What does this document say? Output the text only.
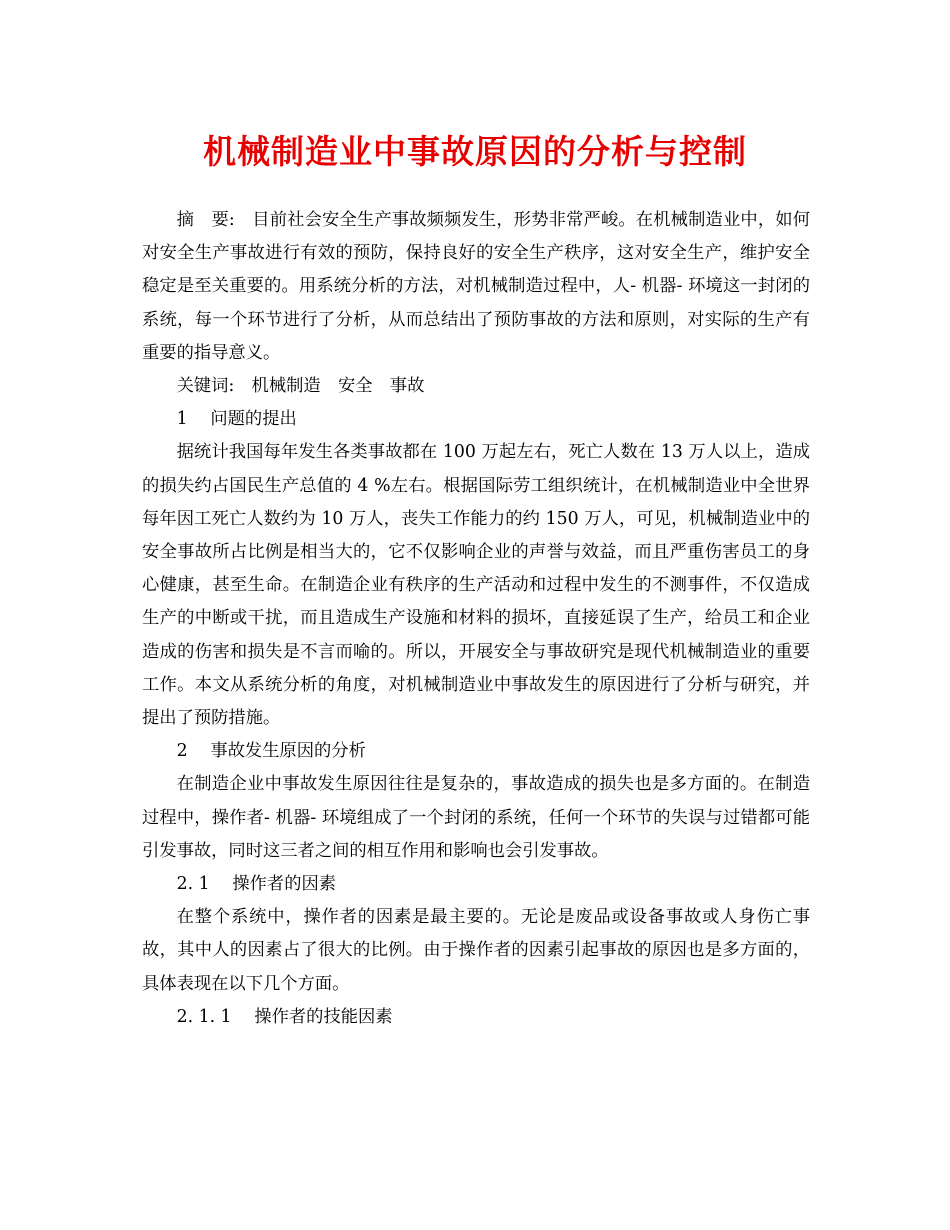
机械制造业中事故原因的分析与控制

摘　要:　目前社会安全生产事故频频发生，形势非常严峻。在机械制造业中，如何对安全生产事故进行有效的预防，保持良好的安全生产秩序，这对安全生产，维护安全稳定是至关重要的。用系统分析的方法，对机械制造过程中，人- 机器- 环境这一封闭的系统，每一个环节进行了分析，从而总结出了预防事故的方法和原则，对实际的生产有重要的指导意义。

关键词:　机械制造　安全　事故

1　 问题的提出

据统计我国每年发生各类事故都在 100 万起左右，死亡人数在 13 万人以上，造成的损失约占国民生产总值的 4 %左右。根据国际劳工组织统计，在机械制造业中全世界每年因工死亡人数约为 10 万人，丧失工作能力的约 150 万人，可见，机械制造业中的安全事故所占比例是相当大的，它不仅影响企业的声誉与效益，而且严重伤害员工的身心健康，甚至生命。在制造企业有秩序的生产活动和过程中发生的不测事件，不仅造成生产的中断或干扰，而且造成生产设施和材料的损坏，直接延误了生产，给员工和企业造成的伤害和损失是不言而喻的。所以，开展安全与事故研究是现代机械制造业的重要工作。本文从系统分析的角度，对机械制造业中事故发生的原因进行了分析与研究，并提出了预防措施。

2　 事故发生原因的分析

在制造企业中事故发生原因往往是复杂的，事故造成的损失也是多方面的。在制造过程中，操作者- 机器- 环境组成了一个封闭的系统，任何一个环节的失误与过错都可能引发事故，同时这三者之间的相互作用和影响也会引发事故。

2. 1　 操作者的因素

在整个系统中，操作者的因素是最主要的。无论是废品或设备事故或人身伤亡事故，其中人的因素占了很大的比例。由于操作者的因素引起事故的原因也是多方面的，具体表现在以下几个方面。

2. 1. 1　 操作者的技能因素
